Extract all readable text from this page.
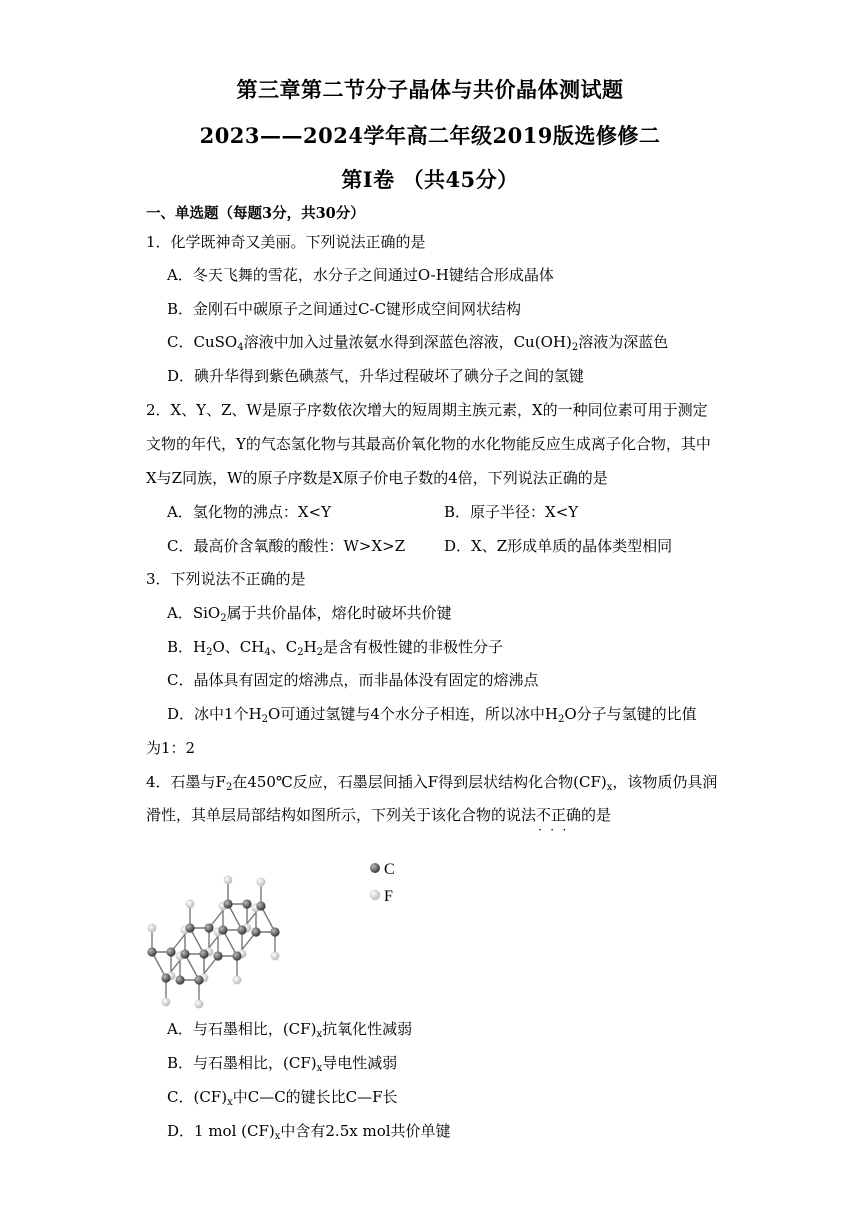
第三章第二节分子晶体与共价晶体测试题
2023——2024学年高二年级2019版选修修二
第Ⅰ卷 （共45分）
一、单选题（每题3分，共30分）
1．化学既神奇又美丽。下列说法正确的是
A．冬天飞舞的雪花，水分子之间通过O-H键结合形成晶体
B．金刚石中碳原子之间通过C-C键形成空间网状结构
C．CuSO$_4$溶液中加入过量浓氨水得到深蓝色溶液，$Cu(OH)_2$溶液为深蓝色
D．碘升华得到紫色碘蒸气，升华过程破坏了碘分子之间的氢键
2．X、Y、Z、W是原子序数依次增大的短周期主族元素，X的一种同位素可用于测定
文物的年代，Y的气态氢化物与其最高价氧化物的水化物能反应生成离子化合物，其中
X与Z同族，W的原子序数是X原子价电子数的4倍，下列说法正确的是
A．氢化物的沸点：X<Y	B．原子半径：X<Y
C．最高价含氧酸的酸性：W>X>Z	D．X、Z形成单质的晶体类型相同
3．下列说法不正确的是
A．SiO$_2$属于共价晶体，熔化时破坏共价键
B．$H_2O$、$CH_4$、$C_2H_2$是含有极性键的非极性分子
C．晶体具有固定的熔沸点，而非晶体没有固定的熔沸点
D．冰中1个$H_2O$可通过氢键与4个水分子相连，所以冰中$H_2O$分子与氢键的比值
为1：2
4．石墨与$F_2$在450℃反应，石墨层间插入F得到层状结构化合物$(CF)_x$，该物质仍具润
滑性，其单层局部结构如图所示，下列关于该化合物的说法不正确 · · ·的是
C
F
A．与石墨相比，$(CF)_x$抗氧化性减弱
B．与石墨相比，$(CF)_x$导电性减弱
C．$(CF)_x$中C—C的键长比C—F长
D．1 mol $(CF)_x$中含有2.5x mol共价单键
